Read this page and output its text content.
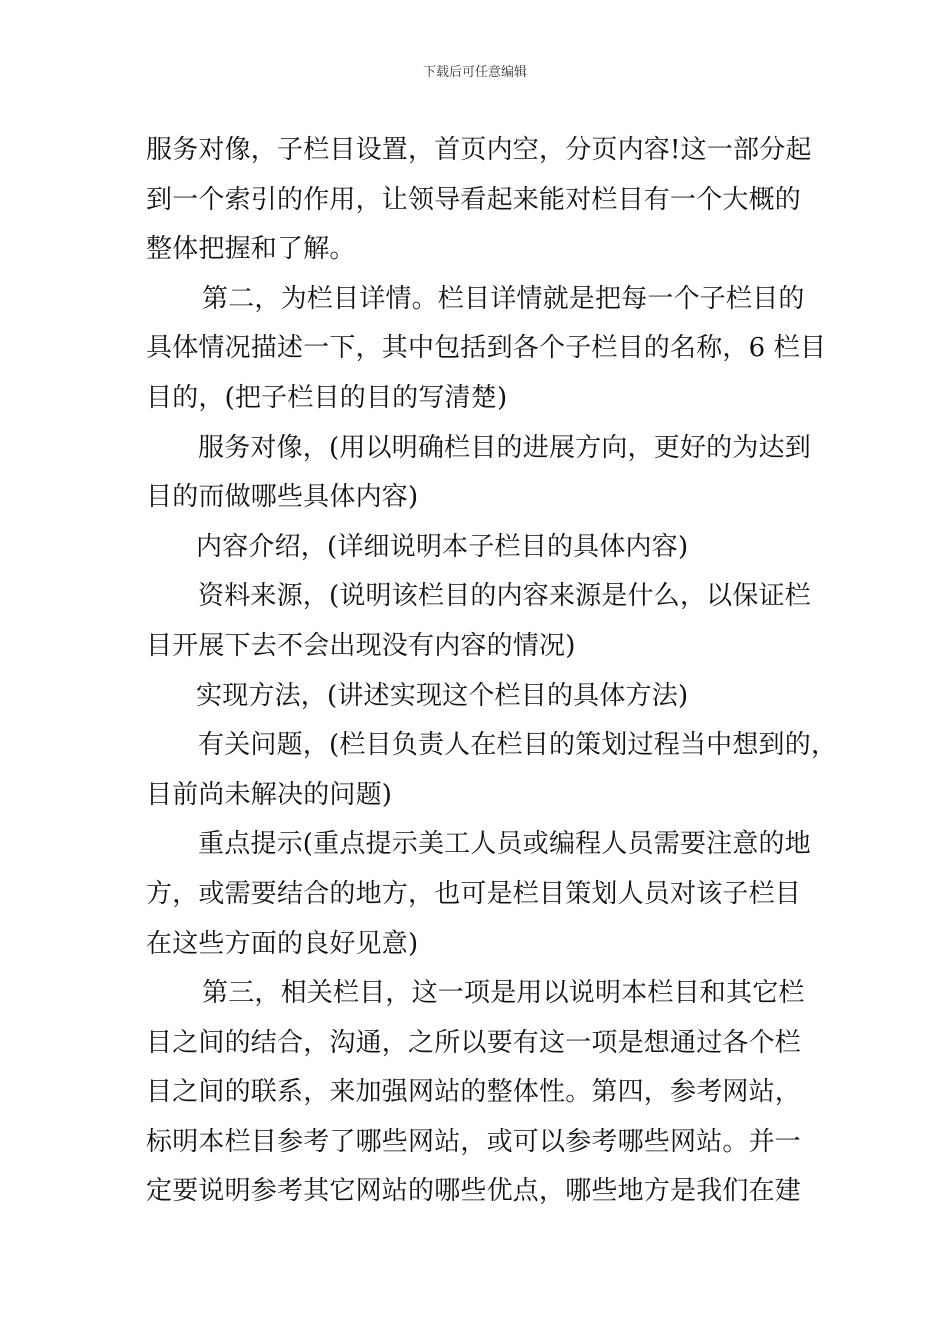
下载后可任意编辑
服务对像，子栏目设置，首页内空，分页内容!这一部分起
到一个索引的作用，让领导看起来能对栏目有一个大概的
整体把握和了解。
第二，为栏目详情。栏目详情就是把每一个子栏目的
具体情况描述一下，其中包括到各个子栏目的名称，6 栏目
目的，(把子栏目的目的写清楚)
服务对像，(用以明确栏目的进展方向，更好的为达到
目的而做哪些具体内容)
内容介绍，(详细说明本子栏目的具体内容)
资料来源，(说明该栏目的内容来源是什么，以保证栏
目开展下去不会出现没有内容的情况)
实现方法，(讲述实现这个栏目的具体方法)
有关问题，(栏目负责人在栏目的策划过程当中想到的，
目前尚未解决的问题)
重点提示(重点提示美工人员或编程人员需要注意的地
方，或需要结合的地方，也可是栏目策划人员对该子栏目
在这些方面的良好见意)
第三，相关栏目，这一项是用以说明本栏目和其它栏
目之间的结合，沟通，之所以要有这一项是想通过各个栏
目之间的联系，来加强网站的整体性。第四，参考网站，
标明本栏目参考了哪些网站，或可以参考哪些网站。并一
定要说明参考其它网站的哪些优点，哪些地方是我们在建
